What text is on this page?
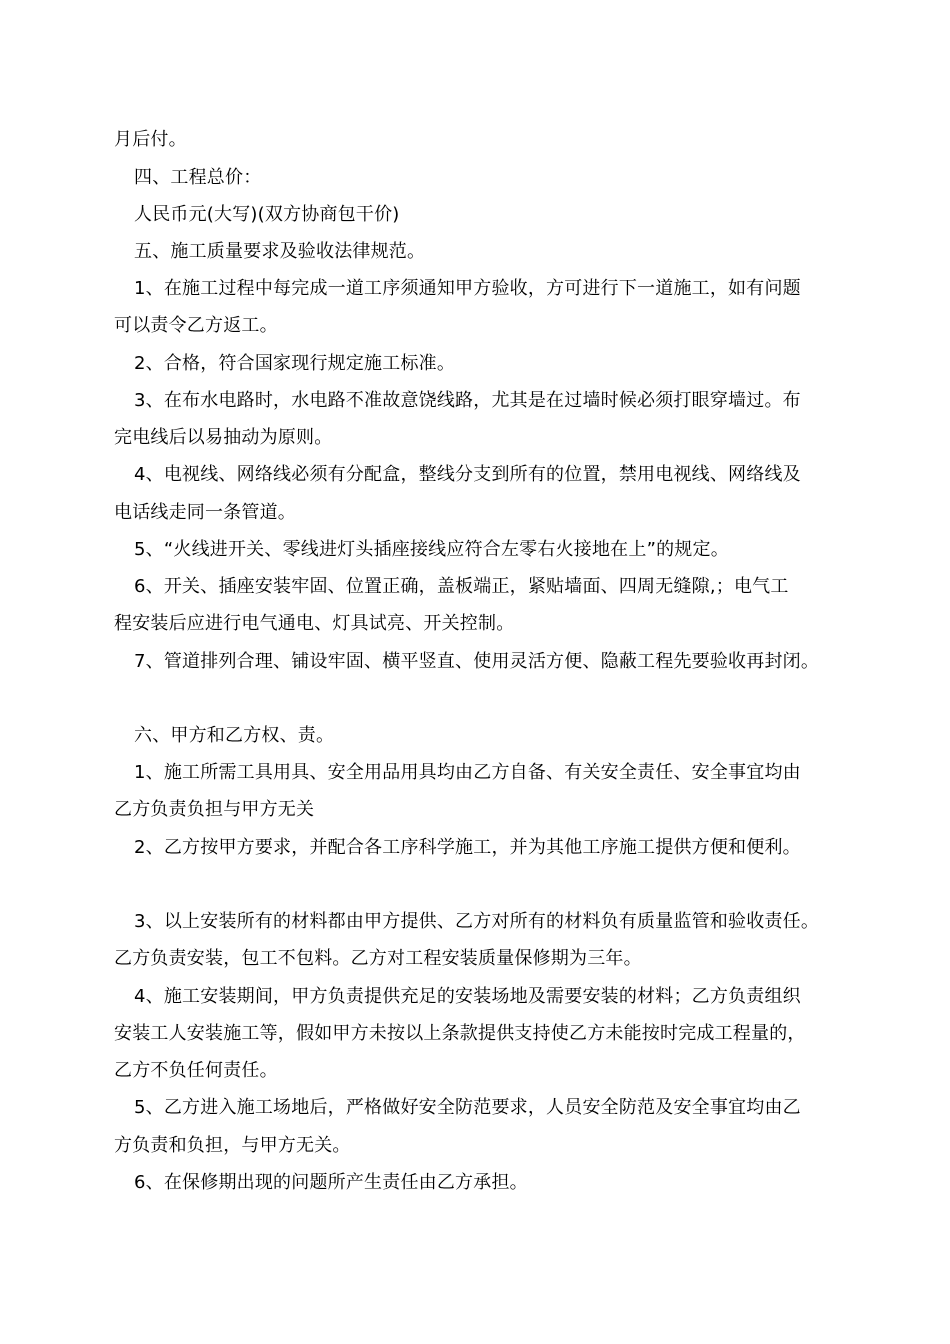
月后付。
四、工程总价：
人民币元(大写)(双方协商包干价)
五、施工质量要求及验收法律规范。
1、在施工过程中每完成一道工序须通知甲方验收，方可进行下一道施工，如有问题
可以责令乙方返工。
2、合格，符合国家现行规定施工标准。
3、在布水电路时，水电路不准故意饶线路，尤其是在过墙时候必须打眼穿墙过。布
完电线后以易抽动为原则。
4、电视线、网络线必须有分配盒，整线分支到所有的位置，禁用电视线、网络线及
电话线走同一条管道。
5、“火线进开关、零线进灯头插座接线应符合左零右火接地在上”的规定。
6、开关、插座安装牢固、位置正确，盖板端正，紧贴墙面、四周无缝隙,；电气工
程安装后应进行电气通电、灯具试亮、开关控制。
7、管道排列合理、铺设牢固、横平竖直、使用灵活方便、隐蔽工程先要验收再封闭。
六、甲方和乙方权、责。
1、施工所需工具用具、安全用品用具均由乙方自备、有关安全责任、安全事宜均由
乙方负责负担与甲方无关
2、乙方按甲方要求，并配合各工序科学施工，并为其他工序施工提供方便和便利。
3、以上安装所有的材料都由甲方提供、乙方对所有的材料负有质量监管和验收责任。
乙方负责安装，包工不包料。乙方对工程安装质量保修期为三年。
4、施工安装期间，甲方负责提供充足的安装场地及需要安装的材料；乙方负责组织
安装工人安装施工等，假如甲方未按以上条款提供支持使乙方未能按时完成工程量的，
乙方不负任何责任。
5、乙方进入施工场地后，严格做好安全防范要求，人员安全防范及安全事宜均由乙
方负责和负担，与甲方无关。
6、在保修期出现的问题所产生责任由乙方承担。
